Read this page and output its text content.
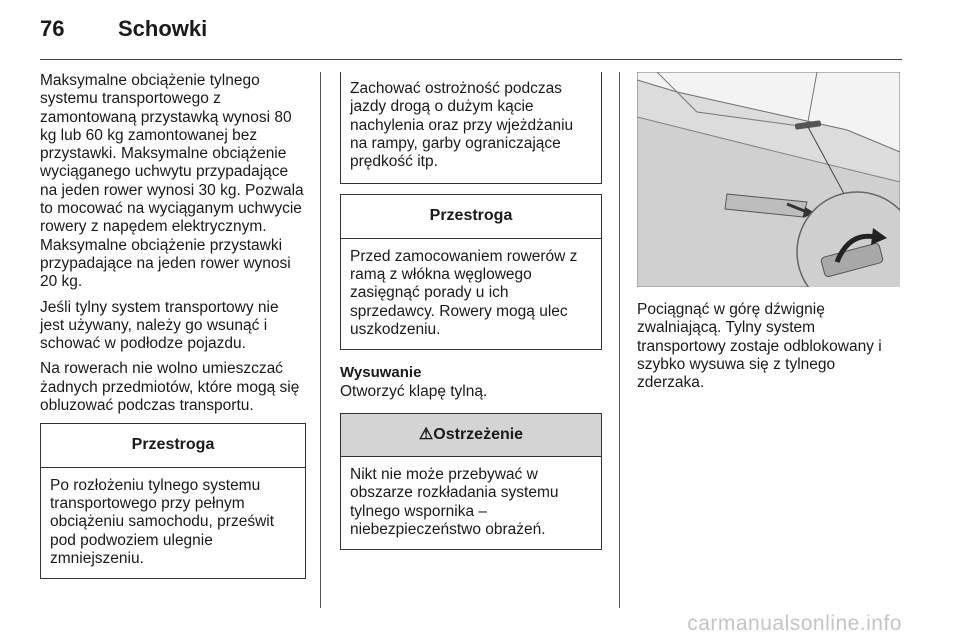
76 Schowki

Maksymalne obciążenie tylnego systemu transportowego z zamontowaną przystawką wynosi 80 kg lub 60 kg zamontowanej bez przystawki. Maksymalne obciążenie wyciąganego uchwytu przypadające na jeden rower wynosi 30 kg. Pozwala to mocować na wyciąganym uchwycie rowery z napędem elektrycznym. Maksymalne obciążenie przystawki przypadające na jeden rower wynosi 20 kg.

Jeśli tylny system transportowy nie jest używany, należy go wsunąć i schować w podłodze pojazdu.

Na rowerach nie wolno umieszczać żadnych przedmiotów, które mogą się obluzować podczas transportu.

Przestroga
Po rozłożeniu tylnego systemu transportowego przy pełnym obciążeniu samochodu, prześwit pod podwoziem ulegnie zmniejszeniu.
Zachować ostrożność podczas jazdy drogą o dużym kącie nachylenia oraz przy wjeżdżaniu na rampy, garby ograniczające prędkość itp.
Przestroga
Przed zamocowaniem rowerów z ramą z włókna węglowego zasięgnąć porady u ich sprzedawcy. Rowery mogą ulec uszkodzeniu.
Wysuwanie

Otworzyć klapę tylną.

⚠Ostrzeżenie
Nikt nie może przebywać w obszarze rozkładania systemu tylnego wspornika – niebezpieczeństwo obrażeń.

Pociągnąć w górę dźwignię zwalniającą. Tylny system transportowy zostaje odblokowany i szybko wysuwa się z tylnego zderzaka.

carmanualsonline.info
